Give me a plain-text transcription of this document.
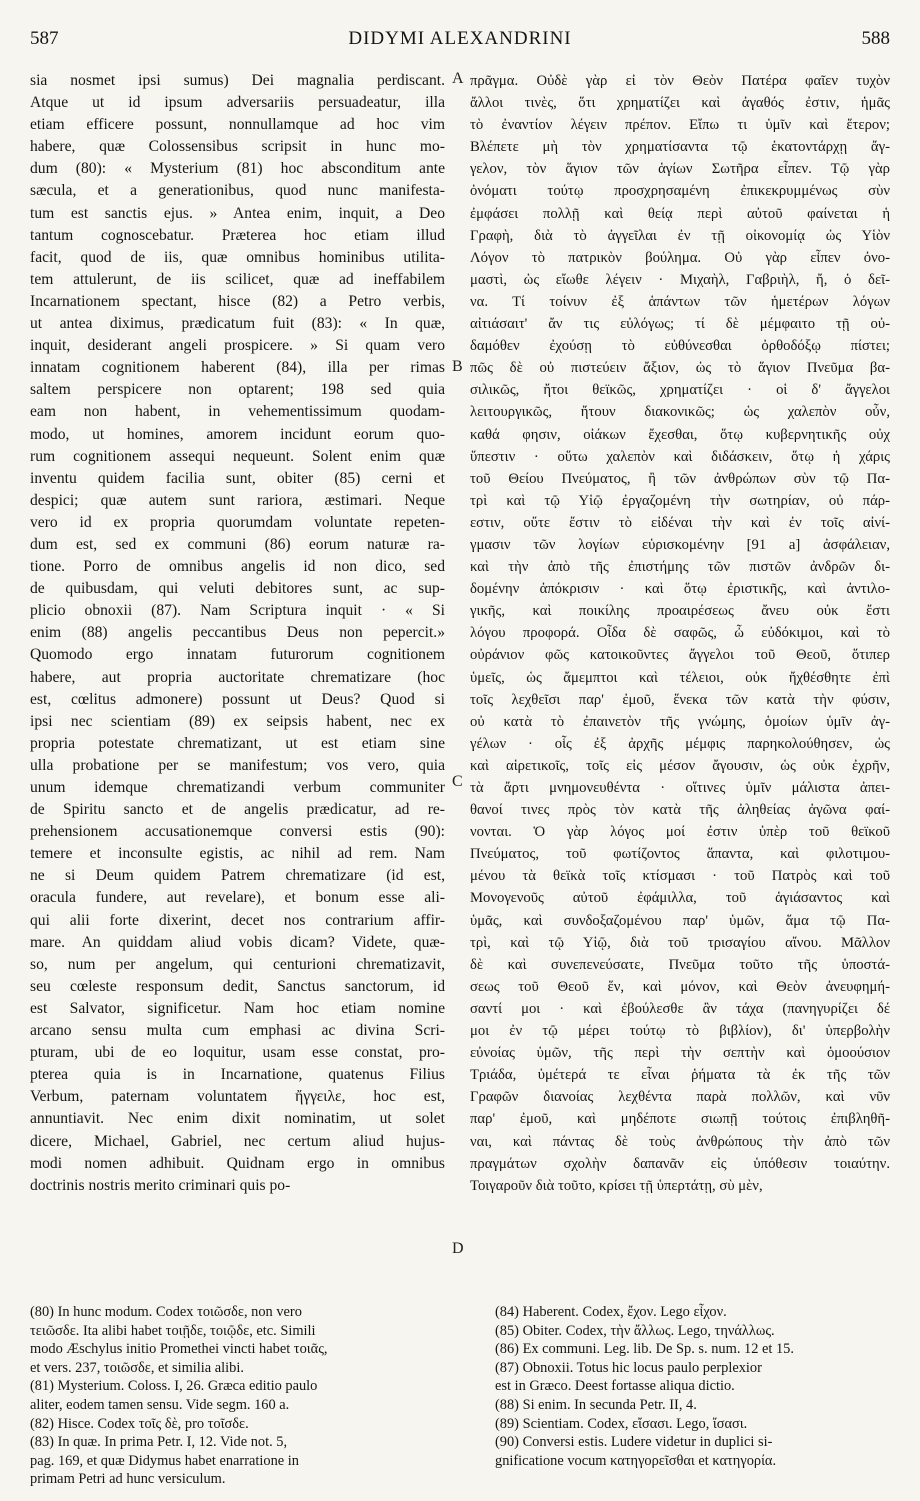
587	DIDYMI ALEXANDRINI	588
sia nosmet ipsi sumus) Dei magnalia perdiscant.
Atque ut id ipsum adversariis persuadeatur, illa
etiam efficere possunt, nonnullamque ad hoc vim
habere, quæ Colossensibus scripsit in hunc mo-
dum (80): « Mysterium (81) hoc absconditum ante
sæcula, et a generationibus, quod nunc manifesta-
tum est sanctis ejus. » Antea enim, inquit, a Deo
tantum cognoscebatur. Præterea hoc etiam illud
facit, quod de iis, quæ omnibus hominibus utilita-
tem attulerunt, de iis scilicet, quæ ad ineffabilem
Incarnationem spectant, hisce (82) a Petro verbis,
ut antea diximus, prædicatum fuit (83): « In quæ,
inquit, desiderant angeli prospicere. » Si quam vero
innatam cognitionem haberent (84), illa per rimas
saltem perspicere non optarent; 198 sed quia
eam non habent, in vehementissimum quodam-
modo, ut homines, amorem incidunt eorum quo-
rum cognitionem assequi nequeunt. Solent enim quæ
inventu quidem facilia sunt, obiter (85) cerni et
despici; quæ autem sunt rariora, æstimari. Neque
vero id ex propria quorumdam voluntate repeten-
dum est, sed ex communi (86) eorum naturæ ra-
tione. Porro de omnibus angelis id non dico, sed
de quibusdam, qui veluti debitores sunt, ac sup-
plicio obnoxii (87). Nam Scriptura inquit · « Si
enim (88) angelis peccantibus Deus non pepercit.»
Quomodo ergo innatam futurorum cognitionem
habere, aut propria auctoritate chrematizare (hoc
est, cœlitus admonere) possunt ut Deus? Quod si
ipsi nec scientiam (89) ex seipsis habent, nec ex
propria potestate chrematizant, ut est etiam sine
ulla probatione per se manifestum; vos vero, quia
unum idemque chrematizandi verbum communiter
de Spiritu sancto et de angelis prædicatur, ad re-
prehensionem accusationemque conversi estis (90):
temere et inconsulte egistis, ac nihil ad rem. Nam
ne si Deum quidem Patrem chrematizare (id est,
oracula fundere, aut revelare), et bonum esse ali-
qui alii forte dixerint, decet nos contrarium affir-
mare. An quiddam aliud vobis dicam? Videte, quæ-
so, num per angelum, qui centurioni chrematizavit,
seu cœleste responsum dedit, Sanctus sanctorum, id
est Salvator, significetur. Nam hoc etiam nomine
arcano sensu multa cum emphasi ac divina Scri-
pturam, ubi de eo loquitur, usam esse constat, pro-
pterea quia is in Incarnatione, quatenus Filius
Verbum, paternam voluntatem ἤγγειλε, hoc est,
annuntiavit. Nec enim dixit nominatim, ut solet
dicere, Michael, Gabriel, nec certum aliud hujus-
modi nomen adhibuit. Quidnam ergo in omnibus
doctrinis nostris merito criminari quis po-
A
B
C
D
πρᾶγμα. Οὐδὲ γὰρ εἰ τὸν Θεὸν Πατέρα φαῖεν τυχὸν
ἄλλοι τινὲς, ὅτι χρηματίζει καὶ ἀγαθός ἐστιν, ἡμᾶς
τὸ ἐναντίον λέγειν πρέπον. Εἴπω τι ὑμῖν καὶ ἕτερον;
Βλέπετε μὴ τὸν χρηματίσαντα τῷ ἑκατοντάρχῃ ἄγ-
γελον, τὸν ἅγιον τῶν ἁγίων Σωτῆρα εἶπεν. Τῷ γὰρ
ὀνόματι τούτῳ προσχρησαμένη ἐπικεκρυμμένως σὺν
ἐμφάσει πολλῇ καὶ θείᾳ περὶ αὐτοῦ φαίνεται ἡ
Γραφὴ, διὰ τὸ ἀγγεῖλαι ἐν τῇ οἰκονομίᾳ ὡς Υἱὸν
Λόγον τὸ πατρικὸν βούλημα. Οὐ γὰρ εἶπεν ὀνο-
μαστὶ, ὡς εἴωθε λέγειν · Μιχαὴλ, Γαβριὴλ, ἤ, ὁ δεῖ-
να. Τί τοίνυν ἐξ ἁπάντων τῶν ἡμετέρων λόγων
αἰτιάσαιτ' ἄν τις εὐλόγως; τί δὲ μέμφαιτο τῇ οὐ-
δαμόθεν ἐχούσῃ τὸ εὐθύνεσθαι ὀρθοδόξῳ πίστει;
πῶς δὲ οὐ πιστεύειν ἄξιον, ὡς τὸ ἅγιον Πνεῦμα βα-
σιλικῶς, ἤτοι θεϊκῶς, χρηματίζει · οἱ δ' ἄγγελοι
λειτουργικῶς, ἤτουν διακονικῶς; ὡς χαλεπὸν οὖν,
καθά φησιν, οἰάκων ἔχεσθαι, ὅτῳ κυβερνητικῆς οὐχ
ὕπεστιν · οὕτω χαλεπὸν καὶ διδάσκειν, ὅτῳ ἡ χάρις
τοῦ Θείου Πνεύματος, ἢ τῶν ἀνθρώπων σὺν τῷ Πα-
τρὶ καὶ τῷ Υἱῷ ἐργαζομένη τὴν σωτηρίαν, οὐ πάρ-
εστιν, οὔτε ἔστιν τὸ εἰδέναι τὴν καὶ ἐν τοῖς αἰνί-
γμασιν τῶν λογίων εὑρισκομένην [91 a] ἀσφάλειαν,
καὶ τὴν ἀπὸ τῆς ἐπιστήμης τῶν πιστῶν ἀνδρῶν δι-
δομένην ἀπόκρισιν · καὶ ὅτῳ ἐριστικῆς, καὶ ἀντιλο-
γικῆς, καὶ ποικίλης προαιρέσεως ἄνευ οὐκ ἔστι
λόγου προφορά. Οἶδα δὲ σαφῶς, ὦ εὐδόκιμοι, καὶ τὸ
οὐράνιον φῶς κατοικοῦντες ἄγγελοι τοῦ Θεοῦ, ὅτιπερ
ὑμεῖς, ὡς ἄμεμπτοι καὶ τέλειοι, οὐκ ἤχθέσθητε ἐπὶ
τοῖς λεχθεῖσι παρ' ἐμοῦ, ἕνεκα τῶν κατὰ τὴν φύσιν,
οὐ κατὰ τὸ ἐπαινετὸν τῆς γνώμης, ὁμοίων ὑμῖν ἀγ-
γέλων · οἷς ἐξ ἀρχῆς μέμφις παρηκολούθησεν, ὡς
καὶ αἱρετικοῖς, τοῖς εἰς μέσον ἄγουσιν, ὡς οὐκ ἐχρῆν,
τὰ ἄρτι μνημονευθέντα · οἵτινες ὑμῖν μάλιστα ἀπει-
θανοί τινες πρὸς τὸν κατὰ τῆς ἀληθείας ἀγῶνα φαί-
νονται. Ὁ γὰρ λόγος μοί ἐστιν ὑπὲρ τοῦ θεϊκοῦ
Πνεύματος, τοῦ φωτίζοντος ἅπαντα, καὶ φιλοτιμου-
μένου τὰ θεϊκὰ τοῖς κτίσμασι · τοῦ Πατρὸς καὶ τοῦ
Μονογενοῦς αὐτοῦ ἐφάμιλλα, τοῦ ἁγιάσαντος καὶ
ὑμᾶς, καὶ συνδοξαζομένου παρ' ὑμῶν, ἅμα τῷ Πα-
τρὶ, καὶ τῷ Υἱῷ, διὰ τοῦ τρισαγίου αἴνου. Μᾶλλον
δὲ καὶ συνεπενεύσατε, Πνεῦμα τοῦτο τῆς ὑποστά-
σεως τοῦ Θεοῦ ἕν, καὶ μόνον, καὶ Θεὸν ἀνευφημή-
σαντί μοι · καὶ ἐβούλεσθε ἂν τάχα (πανηγυρίζει δέ
μοι ἐν τῷ μέρει τούτῳ τὸ βιβλίον), δι' ὑπερβολὴν
εὐνοίας ὑμῶν, τῆς περὶ τὴν σεπτὴν καὶ ὁμοούσιον
Τριάδα, ὑμέτερά τε εἶναι ῥήματα τὰ ἐκ τῆς τῶν
Γραφῶν διανοίας λεχθέντα παρὰ πολλῶν, καὶ νῦν
παρ' ἐμοῦ, καὶ μηδέποτε σιωπῇ τούτοις ἐπιβληθῆ-
ναι, καὶ πάντας δὲ τοὺς ἀνθρώπους τὴν ἀπὸ τῶν
πραγμάτων σχολὴν δαπανᾶν εἰς ὑπόθεσιν τοιαύτην.
Τοιγαροῦν διὰ τοῦτο, κρίσει τῇ ὑπερτάτῃ, σὺ μὲν,
(80) In hunc modum. Codex τοιῶσδε, non vero
τειῶσδε. Ita alibi habet τοιῇδε, τοιῷδε, etc. Simili
modo Æschylus initio Promethei vincti habet τοιᾶς,
et vers. 237, τοιῶσδε, et similia alibi.
(81) Mysterium. Coloss. I, 26. Græca editio paulo
aliter, eodem tamen sensu. Vide segm. 160 a.
(82) Hisce. Codex τοῖς δὲ, pro τοῖσδε.
(83) In quæ. In prima Petr. I, 12. Vide not. 5,
pag. 169, et quæ Didymus habet enarratione in
primam Petri ad hunc versiculum.
(84) Haberent. Codex, ἔχον. Lego εἶχον.
(85) Obiter. Codex, τὴν ἄλλως. Lego, τηνάλλως.
(86) Ex communi. Leg. lib. De Sp. s. num. 12 et 15.
(87) Obnoxii. Totus hic locus paulo perplexior
est in Græco. Deest fortasse aliqua dictio.
(88) Si enim. In secunda Petr. II, 4.
(89) Scientiam. Codex, εἴσασι. Lego, ἴσασι.
(90) Conversi estis. Ludere videtur in duplici si-
gnificatione vocum κατηγορεῖσθαι et κατηγορία.
